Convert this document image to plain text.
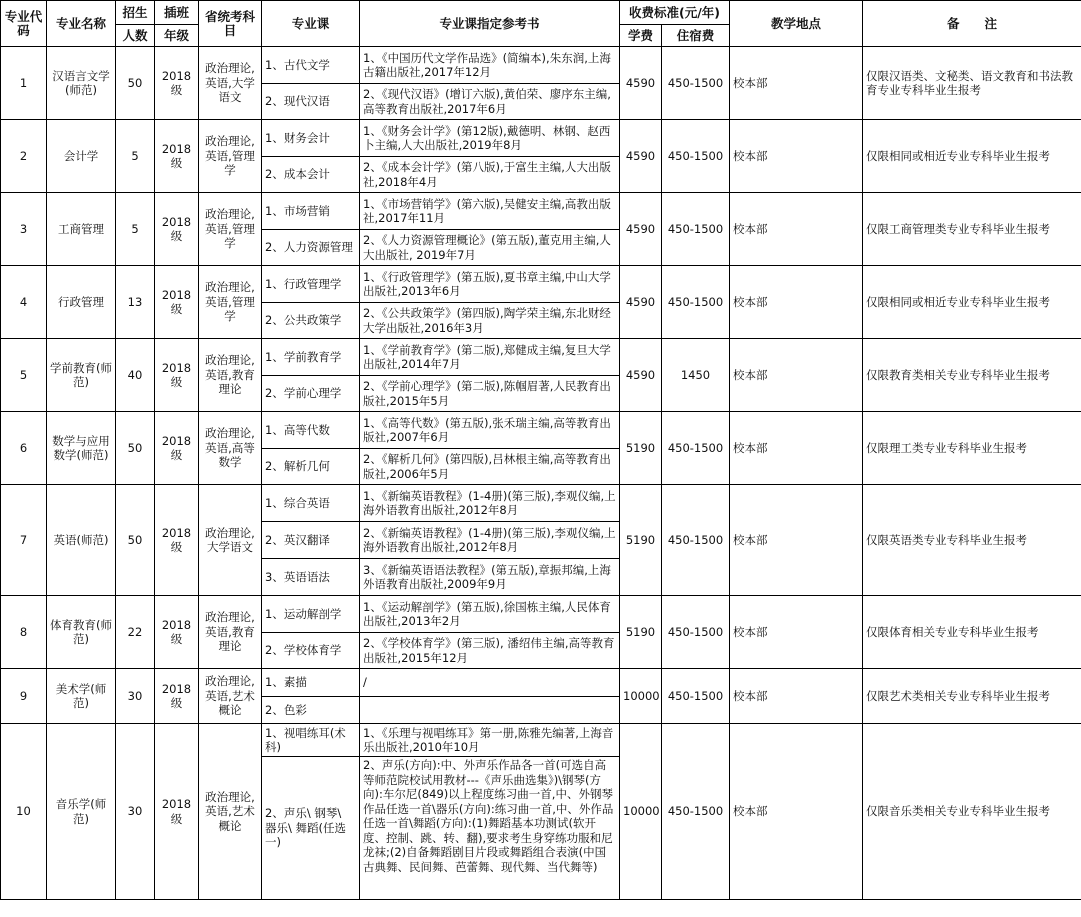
专业代码	专业名称	招生	插班	省统考科目	专业课	专业课指定参考书	收费标准(元/年)		教学地点	备　　注
		人数	年级				学费	住宿费		
1	汉语言文学(师范)	50	2018级	政治理论,英语,大学语文	1、古代文学	1、《中国历代文学作品选》(简编本),朱东润,上海古籍出版社,2017年12月	4590	450-1500	校本部	仅限汉语类、文秘类、语文教育和书法教育专业专科毕业生报考
					2、现代汉语	2、《现代汉语》(增订六版),黄伯荣、廖序东主编,高等教育出版社,2017年6月				
2	会计学	5	2018级	政治理论,英语,管理学	1、财务会计	1、《财务会计学》(第12版),戴德明、林钢、赵西卜主编,人大出版社,2019年8月	4590	450-1500	校本部	仅限相同或相近专业专科毕业生报考
					2、成本会计	2、《成本会计学》(第八版),于富生主编,人大出版社,2018年4月				
3	工商管理	5	2018级	政治理论,英语,管理学	1、市场营销	1、《市场营销学》(第六版),吴健安主编,高教出版社,2017年11月	4590	450-1500	校本部	仅限工商管理类专业专科毕业生报考
					2、人力资源管理	2、《人力资源管理概论》(第五版),董克用主编,人大出版社, 2019年7月				
4	行政管理	13	2018级	政治理论,英语,管理学	1、行政管理学	1、《行政管理学》(第五版),夏书章主编,中山大学出版社,2013年6月	4590	450-1500	校本部	仅限相同或相近专业专科毕业生报考
					2、公共政策学	2、《公共政策学》(第四版),陶学荣主编,东北财经大学出版社,2016年3月				
5	学前教育(师范)	40	2018级	政治理论,英语,教育理论	1、学前教育学	1、《学前教育学》(第二版),郑健成主编,复旦大学出版社,2014年7月	4590	1450	校本部	仅限教育类相关专业专科毕业生报考
					2、学前心理学	2、《学前心理学》(第二版),陈帼眉著,人民教育出版社,2015年5月				
6	数学与应用数学(师范)	50	2018级	政治理论,英语,高等数学	1、高等代数	1、《高等代数》(第五版),张禾瑞主编,高等教育出版社,2007年6月	5190	450-1500	校本部	仅限理工类专业专科毕业生报考
					2、解析几何	2、《解析几何》(第四版),吕林根主编,高等教育出版社,2006年5月				
7	英语(师范)	50	2018级	政治理论,大学语文	1、综合英语	1、《新编英语教程》(1-4册)(第三版),李观仪编,上海外语教育出版社,2012年8月	5190	450-1500	校本部	仅限英语类专业专科毕业生报考
					2、英汉翻译	2、《新编英语教程》(1-4册)(第三版),李观仪编,上海外语教育出版社,2012年8月				
					3、英语语法	3、《新编英语语法教程》(第五版),章振邦编,上海外语教育出版社,2009年9月				
8	体育教育(师范)	22	2018级	政治理论,英语,教育理论	1、运动解剖学	1、《运动解剖学》(第五版),徐国栋主编,人民体育出版社,2013年2月	5190	450-1500	校本部	仅限体育相关专业专科毕业生报考
					2、学校体育学	2、《学校体育学》(第三版), 潘绍伟主编,高等教育出版社,2015年12月				
9	美术学(师范)	30	2018级	政治理论,英语,艺术概论	1、素描	/	10000	450-1500	校本部	仅限艺术类相关专业专科毕业生报考
					2、色彩					
10	音乐学(师范)	30	2018级	政治理论,英语,艺术概论	1、视唱练耳(术科)	1、《乐理与视唱练耳》第一册,陈雅先编著,上海音乐出版社,2010年10月	10000	450-1500	校本部	仅限音乐类相关专业专科毕业生报考
					2、声乐\ 钢琴\ 器乐\ 舞蹈(任选一)	2、声乐(方向):中、外声乐作品各一首(可选自高等师范院校试用教材---《声乐曲选集》)\钢琴(方向):车尔尼(849)以上程度练习曲一首,中、外钢琴作品任选一首\器乐(方向):练习曲一首,中、外作品任选一首\舞蹈(方向):(1)舞蹈基本功测试(软开度、控制、跳、转、翻),要求考生身穿练功服和尼龙袜;(2)自备舞蹈剧目片段或舞蹈组合表演(中国古典舞、民间舞、芭蕾舞、现代舞、当代舞等)				
